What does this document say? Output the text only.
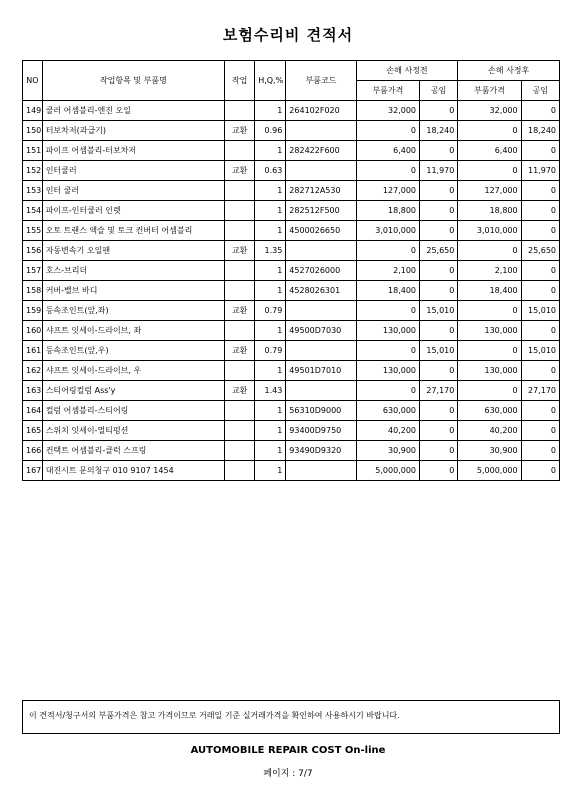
보험수리비 견적서
NO	작업항목 및 부품명	작업	H,Q,%	부품코드	손해 사정전		손해 사정후	
					부품가격	공임	부품가격	공임
149	쿨러 어셈블리-엔진 오일		1	264102F020	32,000	0	32,000	0
150	터보차저(과급기)	교환	0.96		0	18,240	0	18,240
151	파이프 어셈블리-터보차저		1	282422F600	6,400	0	6,400	0
152	인터쿨러	교환	0.63		0	11,970	0	11,970
153	인터 쿨러		1	282712A530	127,000	0	127,000	0
154	파이프-인터쿨러 인렛		1	282512F500	18,800	0	18,800	0
155	오토 트랜스 액슬 및 토크 컨버터 어셈블리		1	4500026650	3,010,000	0	3,010,000	0
156	자동변속기 오일팬	교환	1.35		0	25,650	0	25,650
157	호스-브리더		1	4527026000	2,100	0	2,100	0
158	커버-밸브 바디		1	4528026301	18,400	0	18,400	0
159	등속조인트(앞,좌)	교환	0.79		0	15,010	0	15,010
160	샤프트 잇세이-드라이브, 좌		1	49500D7030	130,000	0	130,000	0
161	등속조인트(앞,우)	교환	0.79		0	15,010	0	15,010
162	샤프트 잇세이-드라이브, 우		1	49501D7010	130,000	0	130,000	0
163	스티어링컬럼 Ass'y	교환	1.43		0	27,170	0	27,170
164	컬럼 어셈블리-스티어링		1	56310D9000	630,000	0	630,000	0
165	스위치 잇세이-멀티펑션		1	93400D9750	40,200	0	40,200	0
166	컨택트 어셈블리-클럭 스프링		1	93490D9320	30,900	0	30,900	0
167	대진시트 문의청구 010 9107 1454		1		5,000,000	0	5,000,000	0
이 견적서/청구서의 부품가격은 참고 가격이므로 거래일 기준 실거래가격을 확인하여 사용하시기 바랍니다.
AUTOMOBILE REPAIR COST On-line
페이지 : 7/7
